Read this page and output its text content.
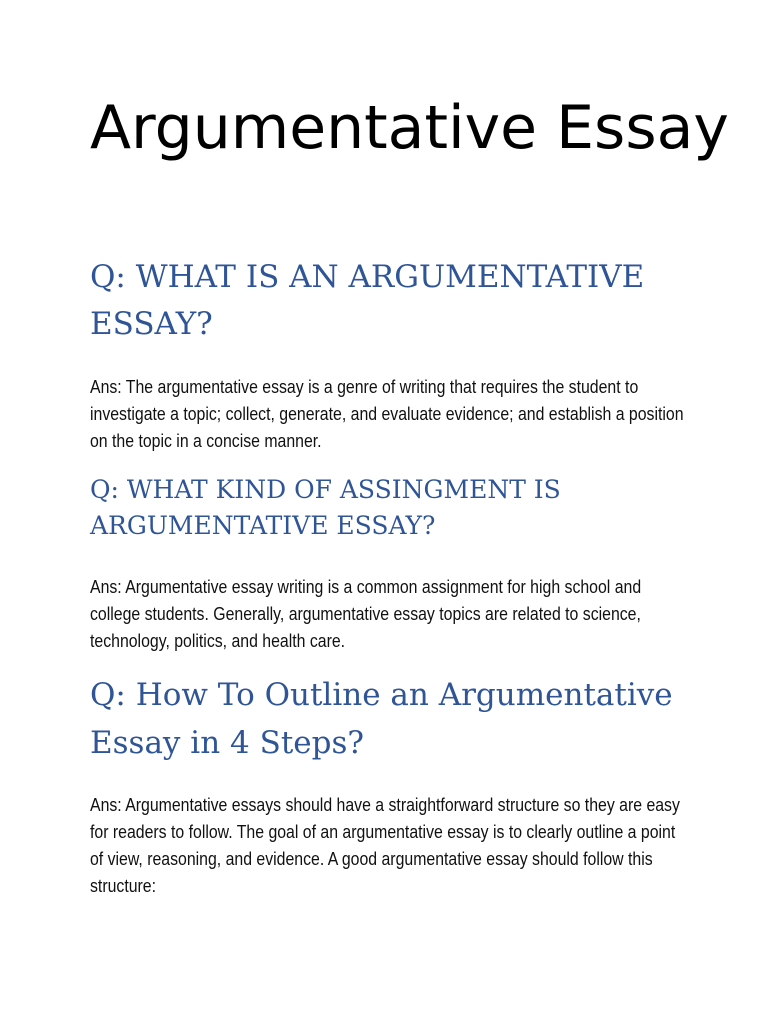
Argumentative Essay
Q: WHAT IS AN ARGUMENTATIVE ESSAY?

Ans: The argumentative essay is a genre of writing that requires the student to investigate a topic; collect, generate, and evaluate evidence; and establish a position on the topic in a concise manner.

Q: WHAT KIND OF ASSINGMENT IS ARGUMENTATIVE ESSAY?

Ans: Argumentative essay writing is a common assignment for high school and college students. Generally, argumentative essay topics are related to science, technology, politics, and health care.

Q: How To Outline an Argumentative Essay in 4 Steps?

Ans: Argumentative essays should have a straightforward structure so they are easy for readers to follow. The goal of an argumentative essay is to clearly outline a point of view, reasoning, and evidence. A good argumentative essay should follow this structure:
